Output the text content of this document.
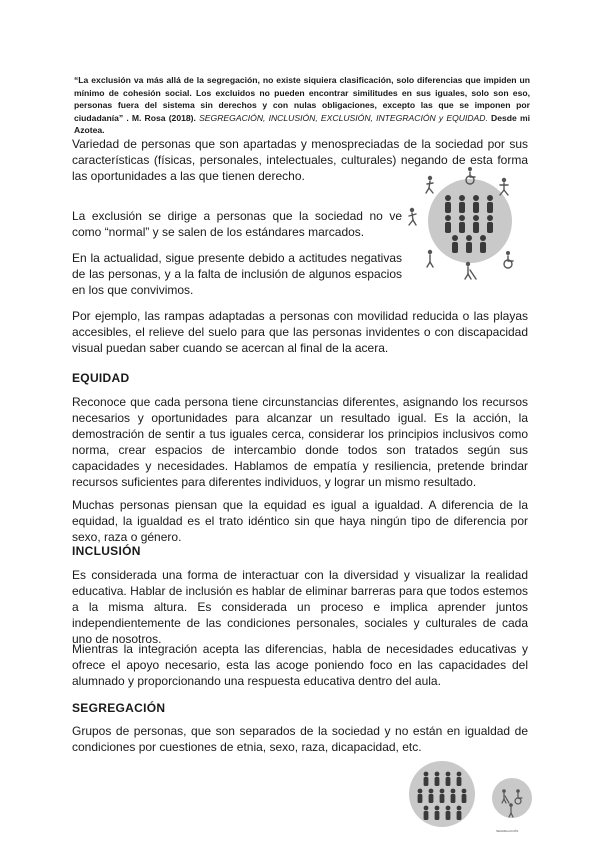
“La exclusión va más allá de la segregación, no existe siquiera clasificación, solo diferencias que impiden un mínimo de cohesión social. Los excluidos no pueden encontrar similitudes en sus iguales, solo son eso, personas fuera del sistema sin derechos y con nulas obligaciones, excepto las que se imponen por ciudadanía” . M. Rosa (2018). SEGREGACIÓN, INCLUSIÓN, EXCLUSIÓN, INTEGRACIÓN y EQUIDAD. Desde mi Azotea.

Variedad de personas que son apartadas y menospreciadas de la sociedad por sus características (físicas, personales, intelectuales, culturales) negando de esta forma las oportunidades a las que tienen derecho.

La exclusión se dirige a personas que la sociedad no ve como “normal” y se salen de los estándares marcados.

En la actualidad, sigue presente debido a actitudes negativas de las personas, y a la falta de inclusión de algunos espacios en los que convivimos.

Por ejemplo, las rampas adaptadas a personas con movilidad reducida o las playas accesibles, el relieve del suelo para que las personas invidentes o con discapacidad visual puedan saber cuando se acercan al final de la acera.

EQUIDAD

Reconoce que cada persona tiene circunstancias diferentes, asignando los recursos necesarios y oportunidades para alcanzar un resultado igual. Es la acción, la demostración de sentir a tus iguales cerca, considerar los principios inclusivos como norma, crear espacios de intercambio donde todos son tratados según sus capacidades y necesidades. Hablamos de empatía y resiliencia, pretende brindar recursos suficientes para diferentes individuos, y lograr un mismo resultado.

Muchas personas piensan que la equidad es igual a igualdad. A diferencia de la equidad, la igualdad es el trato idéntico sin que haya ningún tipo de diferencia por sexo, raza o género.

INCLUSIÓN

Es considerada una forma de interactuar con la diversidad y visualizar la realidad educativa. Hablar de inclusión es hablar de eliminar barreras para que todos estemos a la misma altura. Es considerada un proceso e implica aprender juntos independientemente de las condiciones personales, sociales y culturales de cada uno de nosotros.

Mientras la integración acepta las diferencias, habla de necesidades educativas y ofrece el apoyo necesario, esta las acoge poniendo foco en las capacidades del alumnado y proporcionando una respuesta educativa dentro del aula.

SEGREGACIÓN

Grupos de personas, que son separados de la sociedad y no están en igualdad de condiciones por cuestiones de etnia, sexo, raza, dicapacidad, etc.

SEGREGACIÓN
